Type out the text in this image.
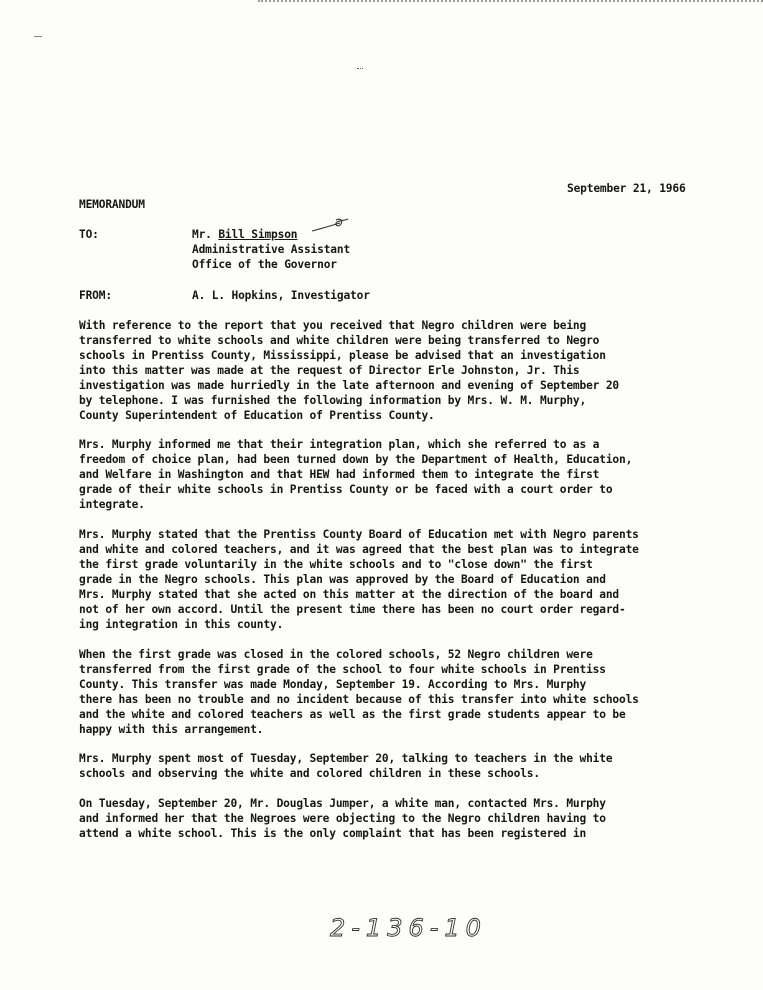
September 21, 1966
MEMORANDUM
TO:	Mr. Bill Simpson
Administrative Assistant
Office of the Governor
FROM:	A. L. Hopkins, Investigator
With reference to the report that you received that Negro children were being
transferred to white schools and white children were being transferred to Negro
schools in Prentiss County, Mississippi, please be advised that an investigation
into this matter was made at the request of Director Erle Johnston, Jr. This
investigation was made hurriedly in the late afternoon and evening of September 20
by telephone. I was furnished the following information by Mrs. W. M. Murphy,
County Superintendent of Education of Prentiss County.
Mrs. Murphy informed me that their integration plan, which she referred to as a
freedom of choice plan, had been turned down by the Department of Health, Education,
and Welfare in Washington and that HEW had informed them to integrate the first
grade of their white schools in Prentiss County or be faced with a court order to
integrate.
Mrs. Murphy stated that the Prentiss County Board of Education met with Negro parents
and white and colored teachers, and it was agreed that the best plan was to integrate
the first grade voluntarily in the white schools and to "close down" the first
grade in the Negro schools. This plan was approved by the Board of Education and
Mrs. Murphy stated that she acted on this matter at the direction of the board and
not of her own accord. Until the present time there has been no court order regard-
ing integration in this county.
When the first grade was closed in the colored schools, 52 Negro children were
transferred from the first grade of the school to four white schools in Prentiss
County. This transfer was made Monday, September 19. According to Mrs. Murphy
there has been no trouble and no incident because of this transfer into white schools
and the white and colored teachers as well as the first grade students appear to be
happy with this arrangement.
Mrs. Murphy spent most of Tuesday, September 20, talking to teachers in the white
schools and observing the white and colored children in these schools.
On Tuesday, September 20, Mr. Douglas Jumper, a white man, contacted Mrs. Murphy
and informed her that the Negroes were objecting to the Negro children having to
attend a white school. This is the only complaint that has been registered in
2-136-10
